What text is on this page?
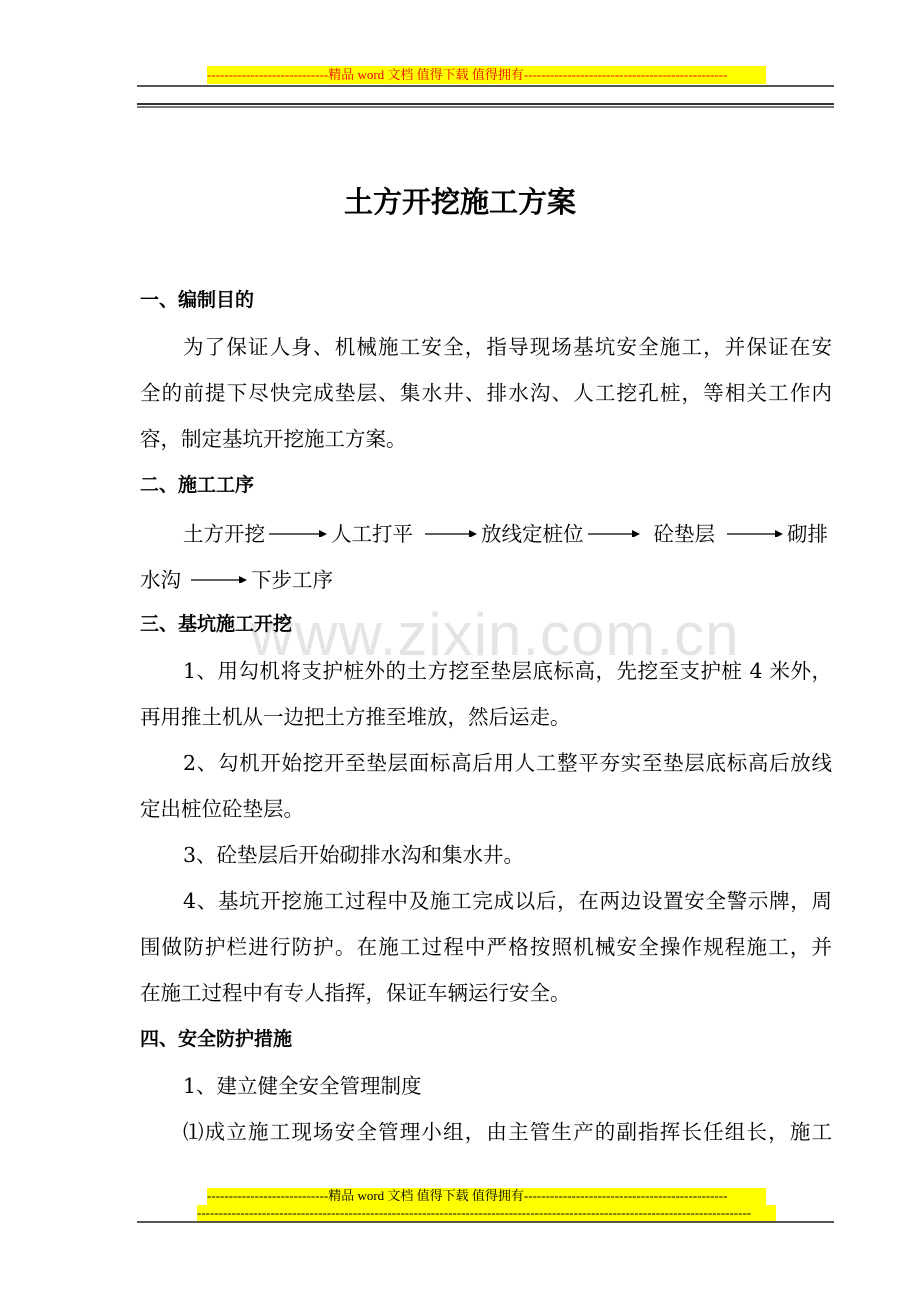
----------------------------精品 word 文档 值得下载 值得拥有-----------------------------------------------
www.zixin.com.cn
土方开挖施工方案
一、编制目的
为了保证人身、机械施工安全，指导现场基坑安全施工，并保证在安
全的前提下尽快完成垫层、集水井、排水沟、人工挖孔桩，等相关工作内
容，制定基坑开挖施工方案。
二、施工工序
土方开挖	人工打平	放线定桩位	砼垫层	砌排
水沟	下步工序
三、基坑施工开挖
1、用勾机将支护桩外的土方挖至垫层底标高，先挖至支护桩 4 米外，
再用推土机从一边把土方推至堆放，然后运走。
2、勾机开始挖开至垫层面标高后用人工整平夯实至垫层底标高后放线
定出桩位砼垫层。
3、砼垫层后开始砌排水沟和集水井。
4、基坑开挖施工过程中及施工完成以后，在两边设置安全警示牌，周
围做防护栏进行防护。在施工过程中严格按照机械安全操作规程施工，并
在施工过程中有专人指挥，保证车辆运行安全。
四、安全防护措施
1、建立健全安全管理制度
⑴成立施工现场安全管理小组，由主管生产的副指挥长任组长，施工
----------------------------精品 word 文档 值得下载 值得拥有-----------------------------------------------
--------------------------------------------------------------------------------------------------------------------------------
